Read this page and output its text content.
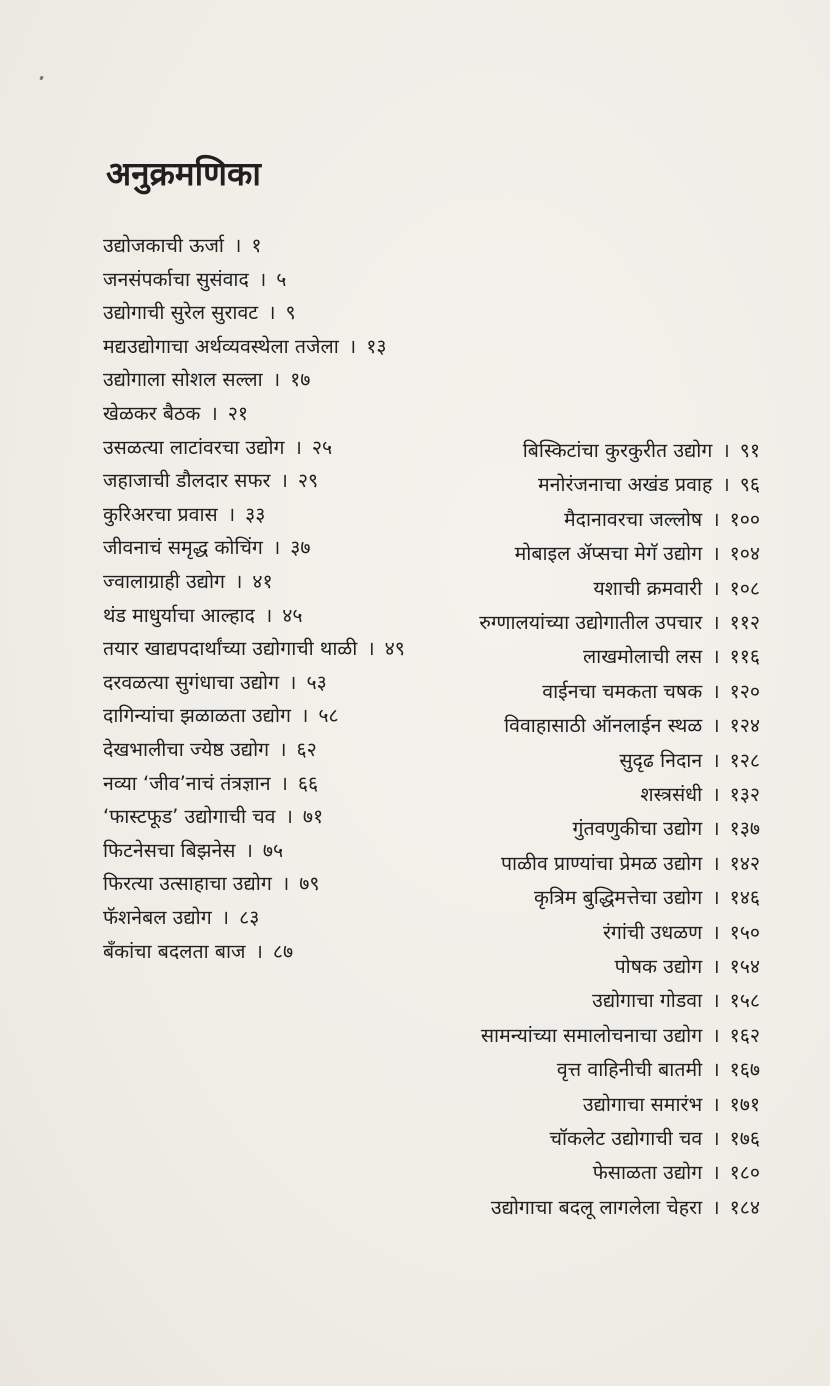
अनुक्रमणिका
उद्योजकाची ऊर्जा । १
जनसंपर्काचा सुसंवाद । ५
उद्योगाची सुरेल सुरावट । ९
मद्यउद्योगाचा अर्थव्यवस्थेला तजेला । १३
उद्योगाला सोशल सल्ला । १७
खेळकर बैठक । २१
उसळत्या लाटांवरचा उद्योग । २५
जहाजाची डौलदार सफर । २९
कुरिअरचा प्रवास । ३३
जीवनाचं समृद्ध कोचिंग । ३७
ज्वालाग्राही उद्योग । ४१
थंड माधुर्याचा आल्हाद । ४५
तयार खाद्यपदार्थांच्या उद्योगाची थाळी । ४९
दरवळत्या सुगंधाचा उद्योग । ५३
दागिन्यांचा झळाळता उद्योग । ५८
देखभालीचा ज्येष्ठ उद्योग । ६२
नव्या ‘जीव’नाचं तंत्रज्ञान । ६६
‘फास्टफूड’ उद्योगाची चव । ७१
फिटनेसचा बिझनेस । ७५
फिरत्या उत्साहाचा उद्योग । ७९
फॅशनेबल उद्योग । ८३
बँकांचा बदलता बाज । ८७
बिस्किटांचा कुरकुरीत उद्योग । ९१
मनोरंजनाचा अखंड प्रवाह । ९६
मैदानावरचा जल्लोष । १००
मोबाइल ॲप्सचा मेगॅ उद्योग । १०४
यशाची क्रमवारी । १०८
रुग्णालयांच्या उद्योगातील उपचार । ११२
लाखमोलाची लस । ११६
वाईनचा चमकता चषक । १२०
विवाहासाठी ऑनलाईन स्थळ । १२४
सुदृढ निदान । १२८
शस्त्रसंधी । १३२
गुंतवणुकीचा उद्योग । १३७
पाळीव प्राण्यांचा प्रेमळ उद्योग । १४२
कृत्रिम बुद्धिमत्तेचा उद्योग । १४६
रंगांची उधळण । १५०
पोषक उद्योग । १५४
उद्योगाचा गोडवा । १५८
सामन्यांच्या समालोचनाचा उद्योग । १६२
वृत्त वाहिनीची बातमी । १६७
उद्योगाचा समारंभ । १७१
चॉकलेट उद्योगाची चव । १७६
फेसाळता उद्योग । १८०
उद्योगाचा बदलू लागलेला चेहरा । १८४
